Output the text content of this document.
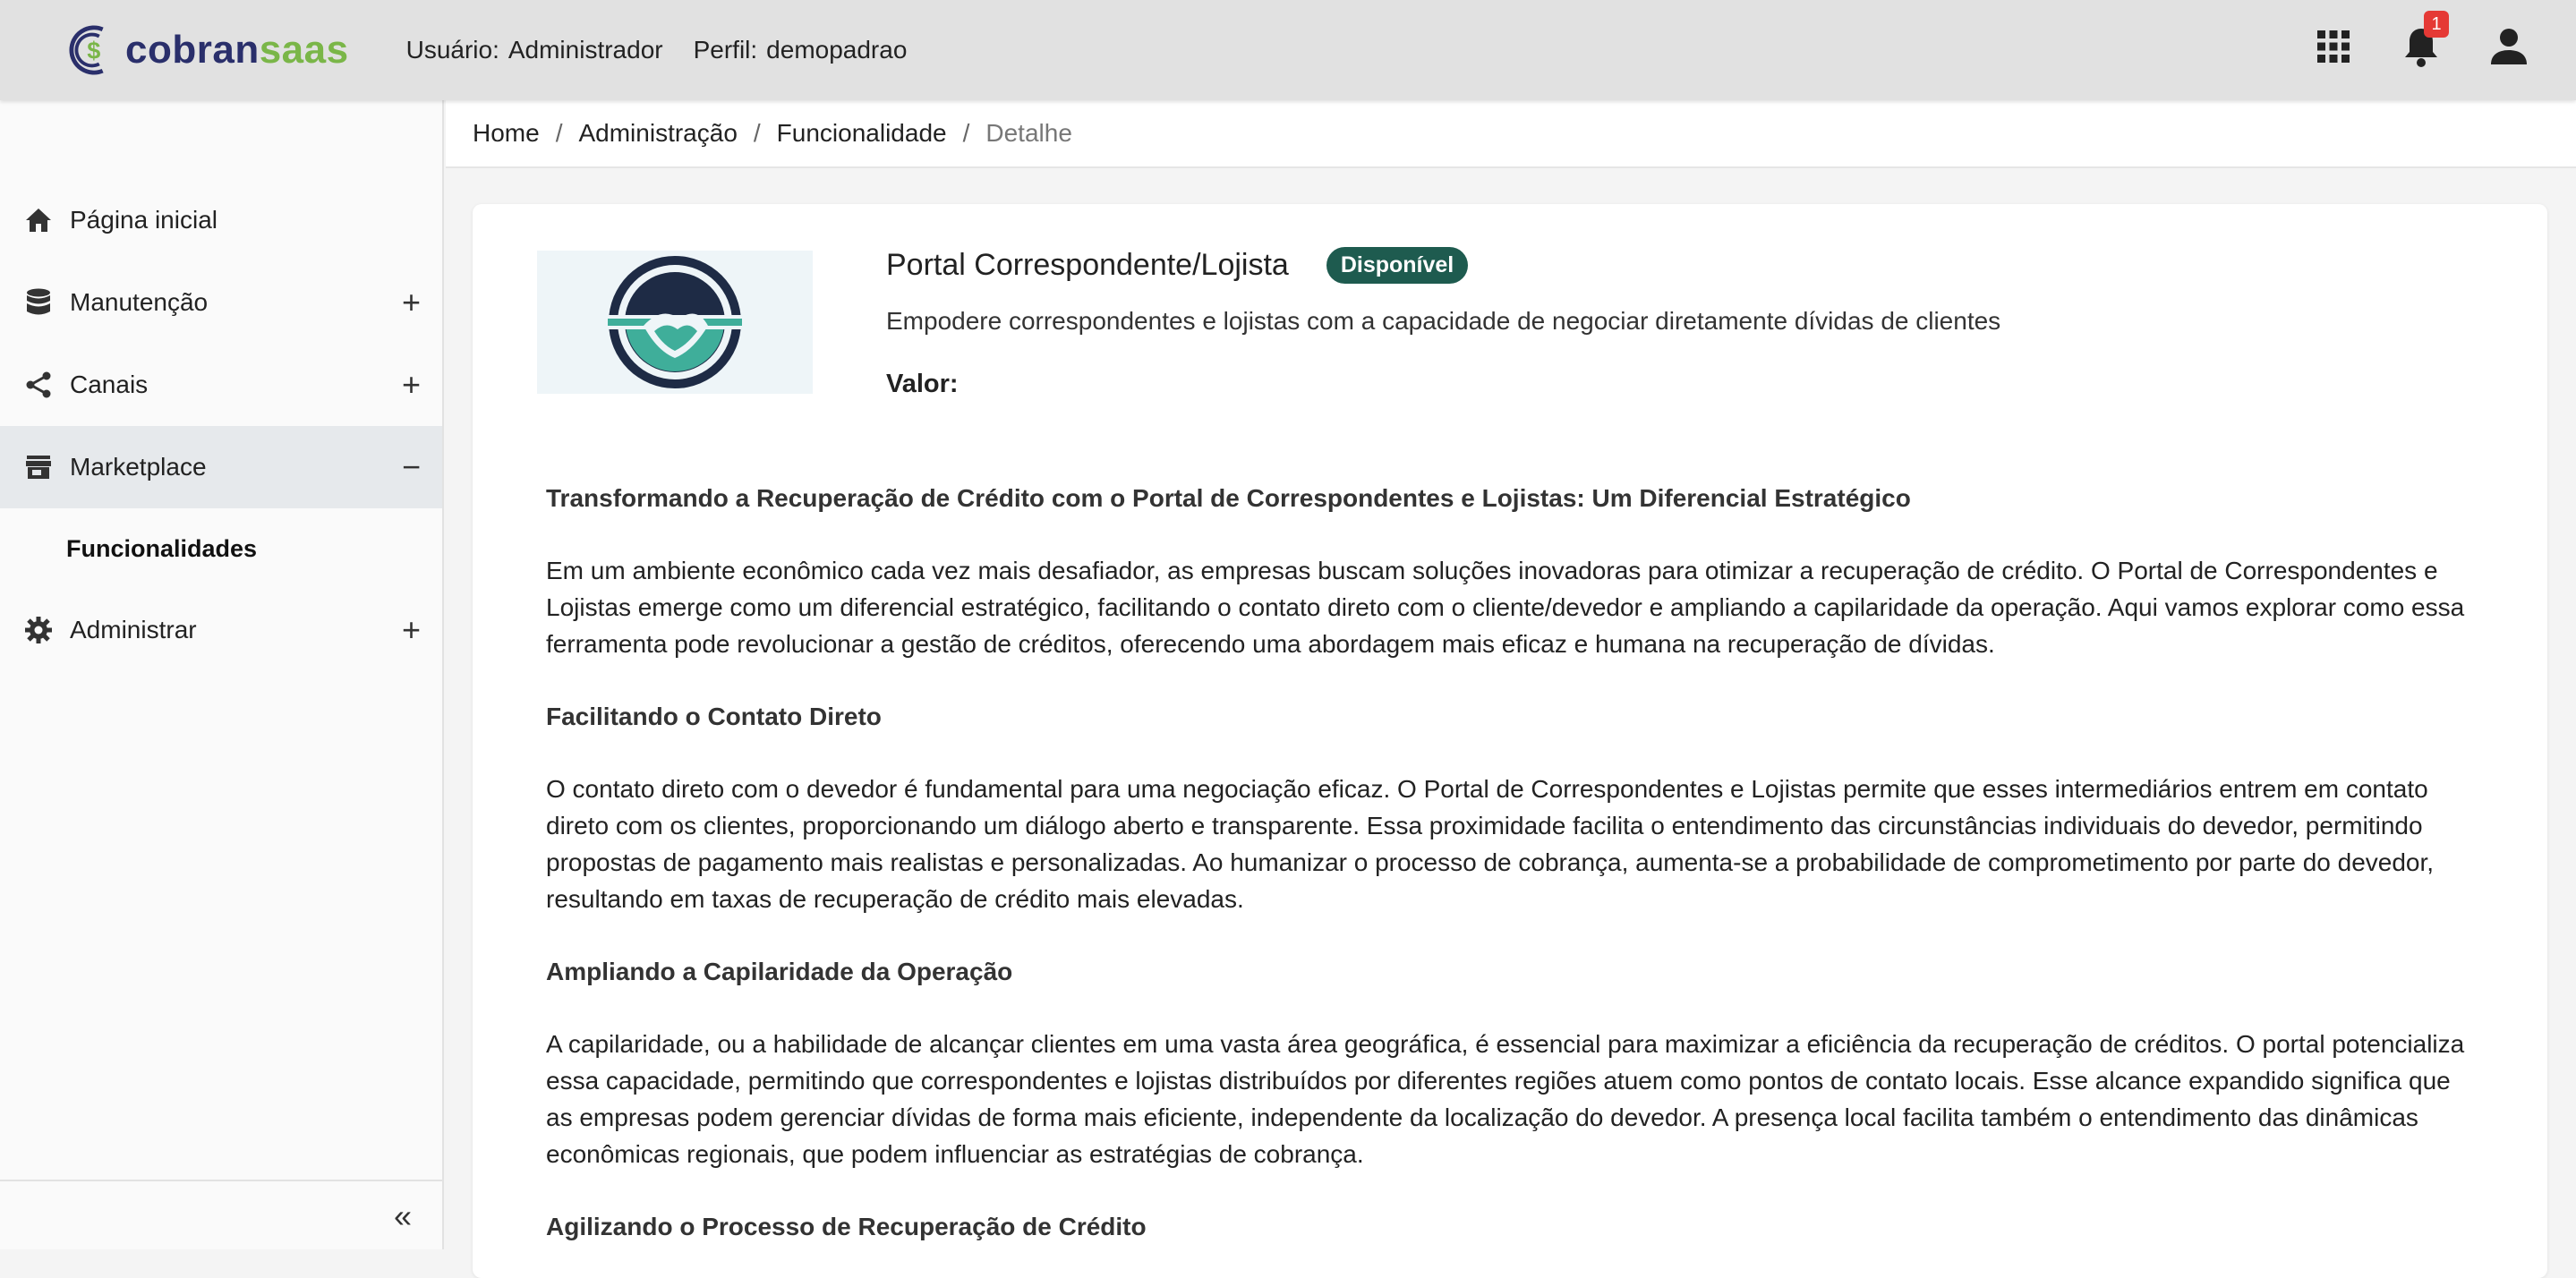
$ cobransaas Usuário: Administrador Perfil: demopadrao
1
Página inicial
Manutenção	+
Canais	+
Marketplace	−
Funcionalidades
Administrar	+
«
Home / Administração / Funcionalidade / Detalhe
Portal Correspondente/Lojista	Disponível
Empodere correspondentes e lojistas com a capacidade de negociar diretamente dívidas de clientes
Valor:
Transformando a Recuperação de Crédito com o Portal de Correspondentes e Lojistas: Um Diferencial Estratégico

Em um ambiente econômico cada vez mais desafiador, as empresas buscam soluções inovadoras para otimizar a recuperação de crédito. O Portal de Correspondentes e Lojistas emerge como um diferencial estratégico, facilitando o contato direto com o cliente/devedor e ampliando a capilaridade da operação. Aqui vamos explorar como essa ferramenta pode revolucionar a gestão de créditos, oferecendo uma abordagem mais eficaz e humana na recuperação de dívidas.

Facilitando o Contato Direto

O contato direto com o devedor é fundamental para uma negociação eficaz. O Portal de Correspondentes e Lojistas permite que esses intermediários entrem em contato direto com os clientes, proporcionando um diálogo aberto e transparente. Essa proximidade facilita o entendimento das circunstâncias individuais do devedor, permitindo propostas de pagamento mais realistas e personalizadas. Ao humanizar o processo de cobrança, aumenta-se a probabilidade de comprometimento por parte do devedor, resultando em taxas de recuperação de crédito mais elevadas.

Ampliando a Capilaridade da Operação

A capilaridade, ou a habilidade de alcançar clientes em uma vasta área geográfica, é essencial para maximizar a eficiência da recuperação de créditos. O portal potencializa essa capacidade, permitindo que correspondentes e lojistas distribuídos por diferentes regiões atuem como pontos de contato locais. Esse alcance expandido significa que as empresas podem gerenciar dívidas de forma mais eficiente, independente da localização do devedor. A presença local facilita também o entendimento das dinâmicas econômicas regionais, que podem influenciar as estratégias de cobrança.

Agilizando o Processo de Recuperação de Crédito
